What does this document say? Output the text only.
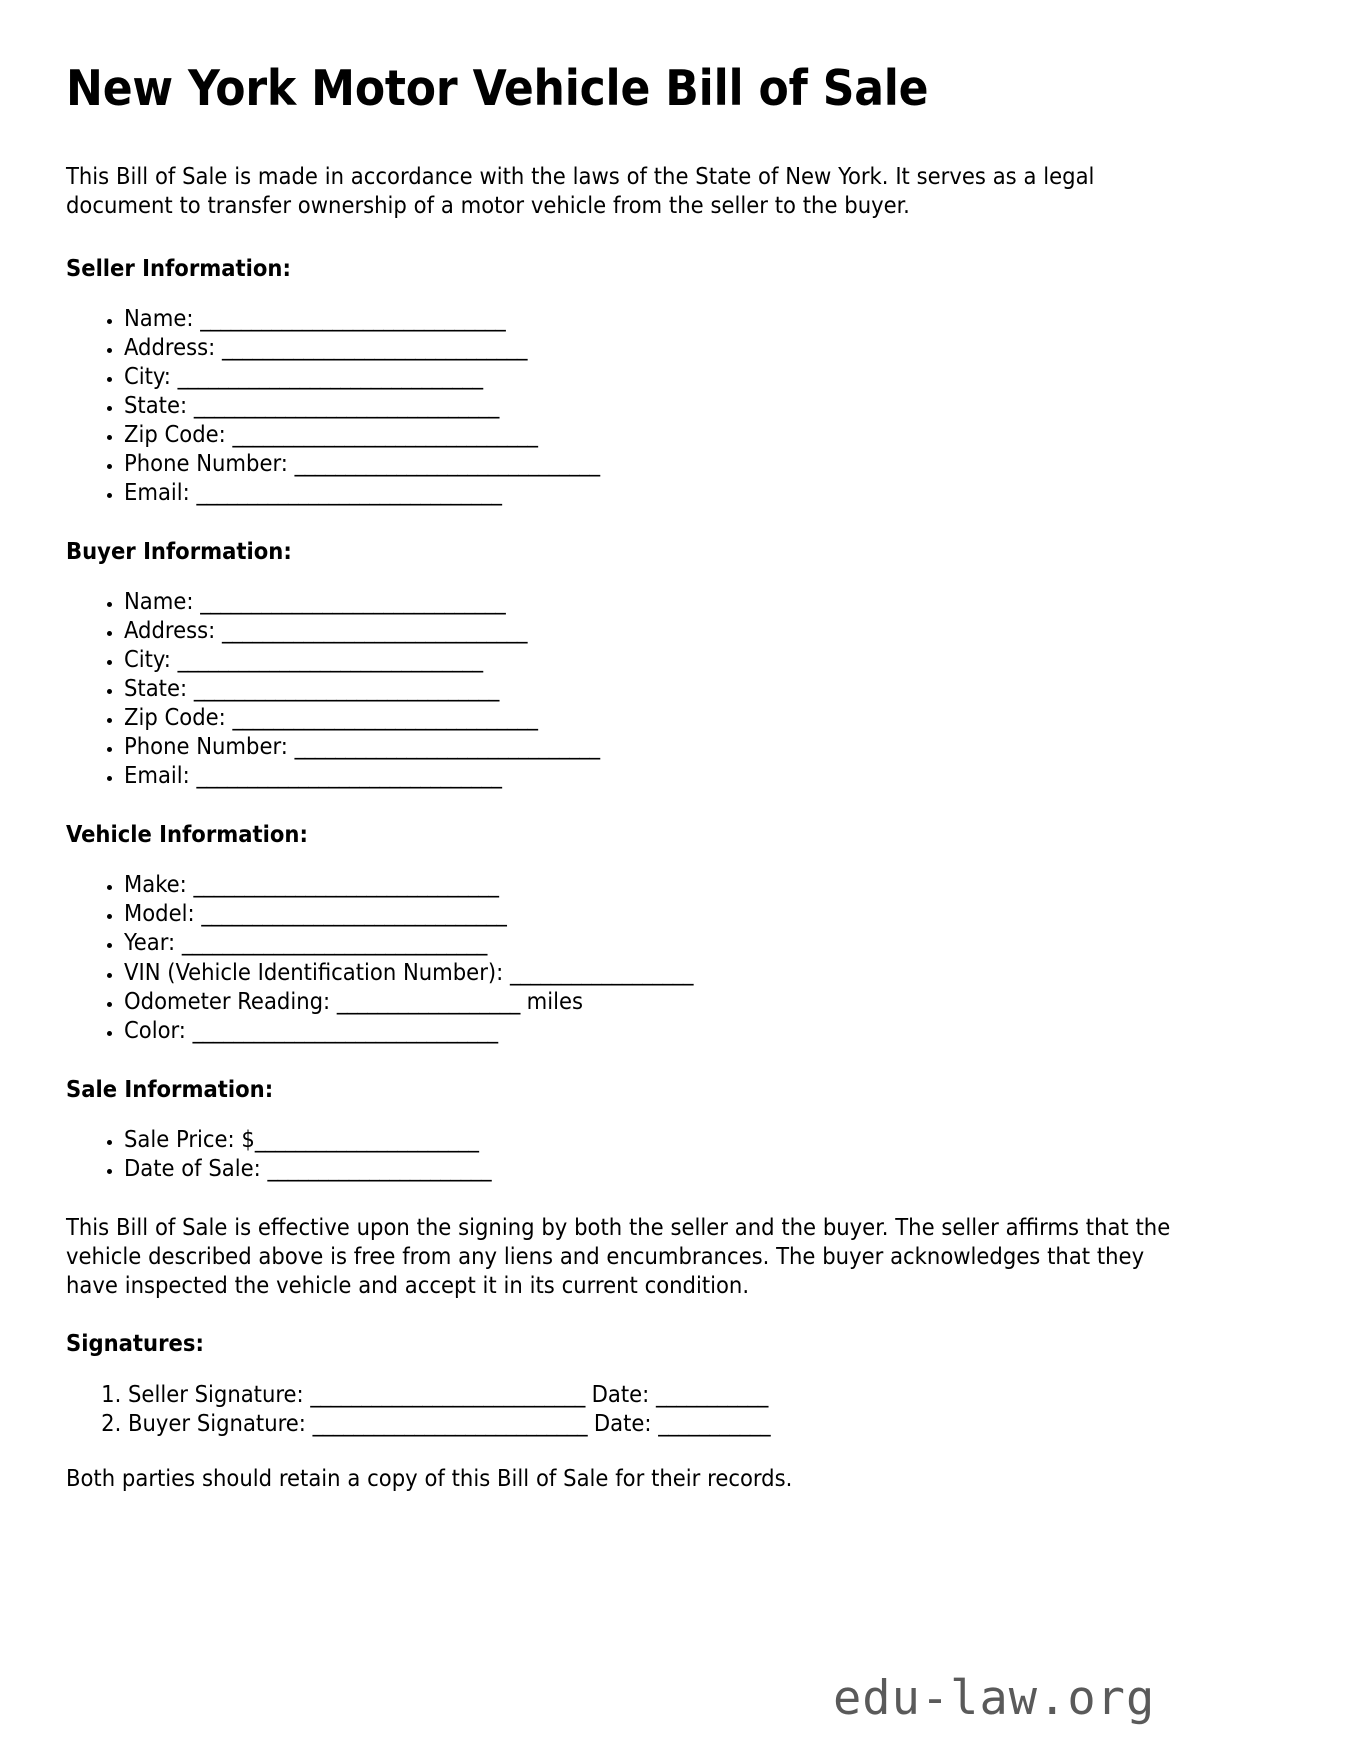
New York Motor Vehicle Bill of Sale

This Bill of Sale is made in accordance with the laws of the State of New York. It serves as a legal document to transfer ownership of a motor vehicle from the seller to the buyer.

Seller Information:
• Name: ______________________________
• Address: ______________________________
• City: ______________________________
• State: ______________________________
• Zip Code: ______________________________
• Phone Number: ______________________________
• Email: ______________________________
Buyer Information:
• Name: ______________________________
• Address: ______________________________
• City: ______________________________
• State: ______________________________
• Zip Code: ______________________________
• Phone Number: ______________________________
• Email: ______________________________
Vehicle Information:
• Make: ______________________________
• Model: ______________________________
• Year: ______________________________
• VIN (Vehicle Identification Number): __________________
• Odometer Reading: __________________ miles
• Color: ______________________________
Sale Information:
• Sale Price: $______________________
• Date of Sale: ______________________

This Bill of Sale is effective upon the signing by both the seller and the buyer. The seller affirms that the vehicle described above is free from any liens and encumbrances. The buyer acknowledges that they have inspected the vehicle and accept it in its current condition.

Signatures:
1. Seller Signature: ___________________________ Date: ___________
2. Buyer Signature: ___________________________ Date: ___________

Both parties should retain a copy of this Bill of Sale for their records.

edu-law.org
